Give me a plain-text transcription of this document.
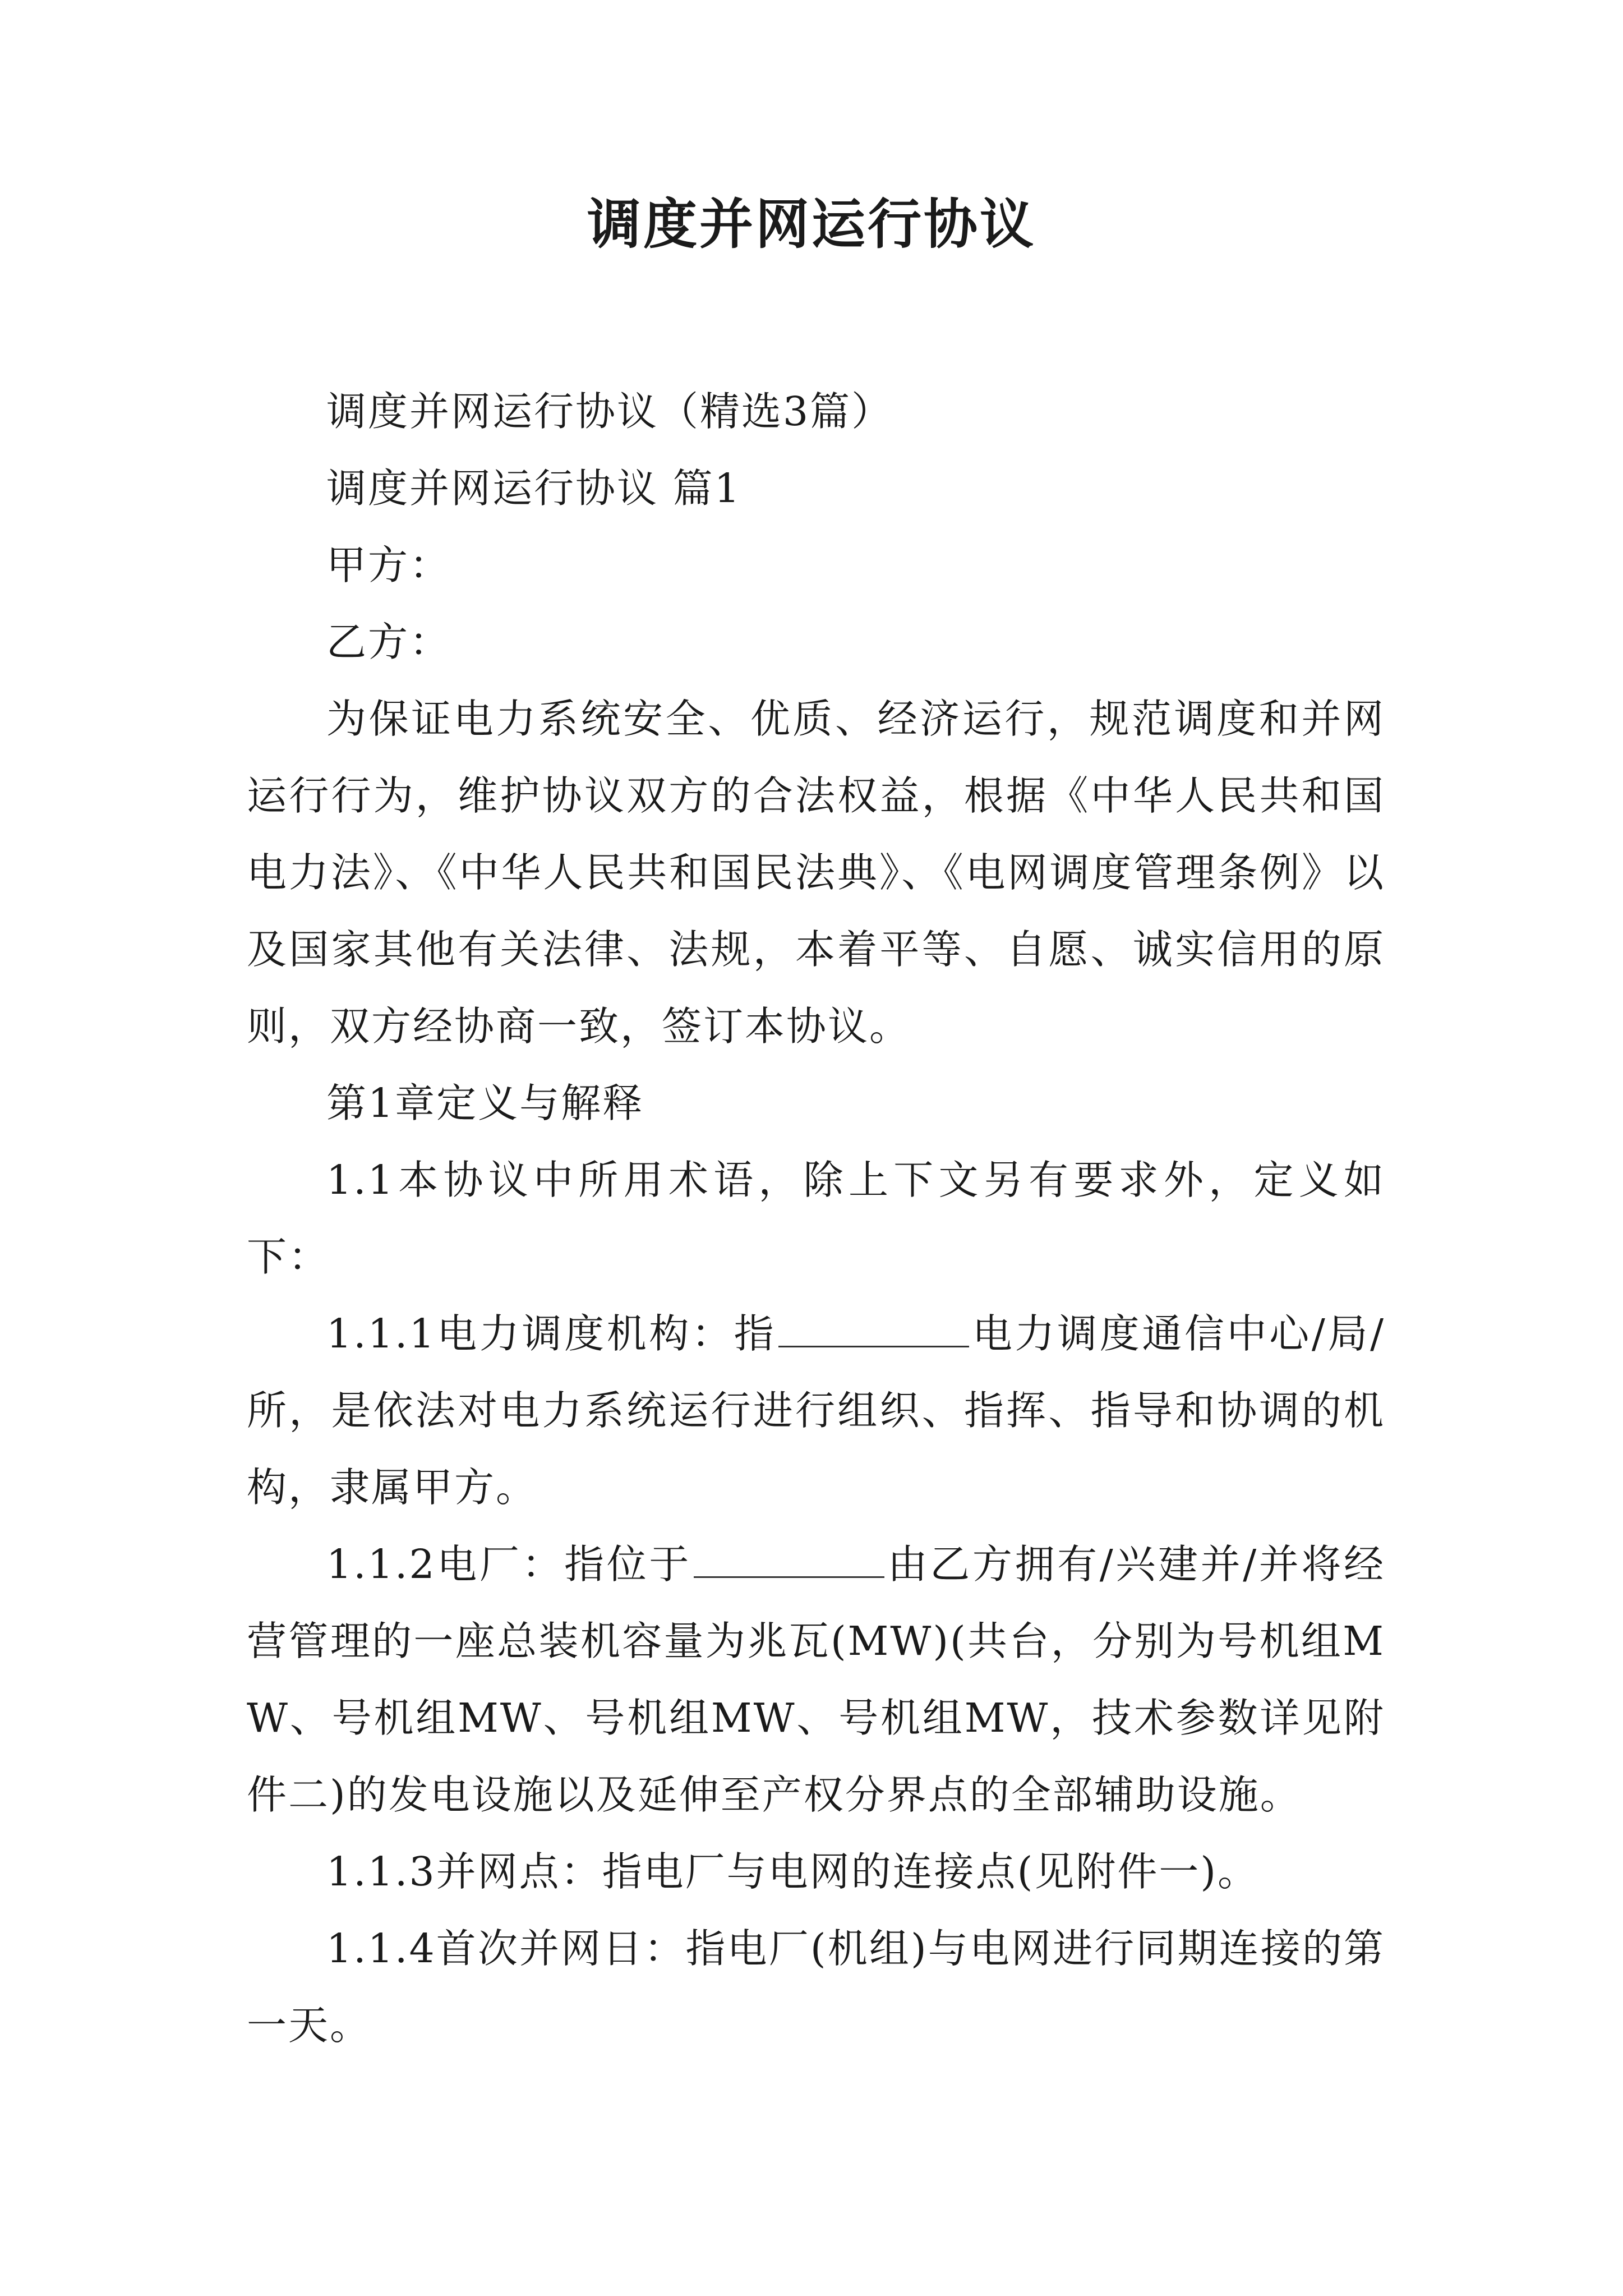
调度并网运行协议

调度并网运行协议（精选3篇）

调度并网运行协议 篇1

甲方：

乙方：

为保证电力系统安全、优质、经济运行，规范调度和并网运行行为，维护协议双方的合法权益，根据《中华人民共和国电力法》、《中华人民共和国民法典》、《电网调度管理条例》以及国家其他有关法律、法规，本着平等、自愿、诚实信用的原则，双方经协商一致，签订本协议。

第1章定义与解释

1.1本协议中所用术语，除上下文另有要求外，定义如下：

1.1.1电力调度机构：指	电力调度通信中心/局/所，是依法对电力系统运行进行组织、指挥、指导和协调的机构，隶属甲方。

1.1.2电厂：指位于	由乙方拥有/兴建并/并将经营管理的一座总装机容量为兆瓦(MW)(共台，分别为号机组MW、号机组MW、号机组MW、号机组MW，技术参数详见附件二)的发电设施以及延伸至产权分界点的全部辅助设施。

1.1.3并网点：指电厂与电网的连接点(见附件一)。

1.1.4首次并网日：指电厂(机组)与电网进行同期连接的第一天。
